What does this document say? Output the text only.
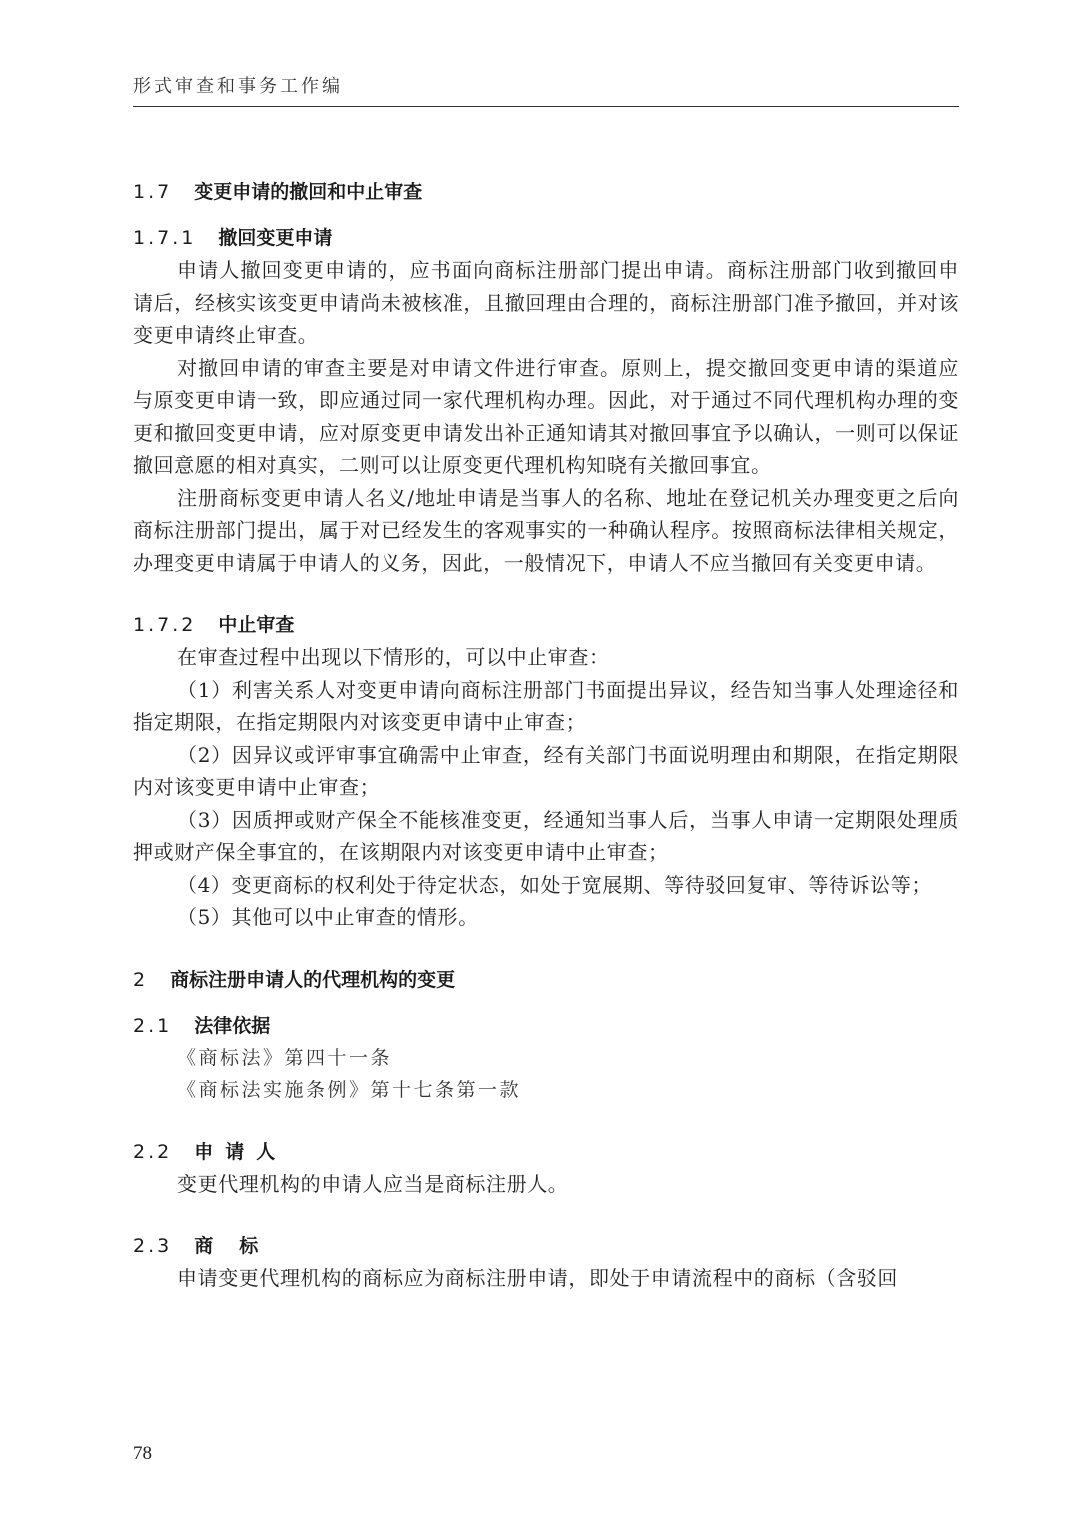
形式审查和事务工作编
1.7 变更申请的撤回和中止审查
1.7.1 撤回变更申请

申请人撤回变更申请的，应书面向商标注册部门提出申请。商标注册部门收到撤回申请后，经核实该变更申请尚未被核准，且撤回理由合理的，商标注册部门准予撤回，并对该变更申请终止审查。

对撤回申请的审查主要是对申请文件进行审查。原则上，提交撤回变更申请的渠道应与原变更申请一致，即应通过同一家代理机构办理。因此，对于通过不同代理机构办理的变更和撤回变更申请，应对原变更申请发出补正通知请其对撤回事宜予以确认，一则可以保证撤回意愿的相对真实，二则可以让原变更代理机构知晓有关撤回事宜。

注册商标变更申请人名义/地址申请是当事人的名称、地址在登记机关办理变更之后向商标注册部门提出，属于对已经发生的客观事实的一种确认程序。按照商标法律相关规定，办理变更申请属于申请人的义务，因此，一般情况下，申请人不应当撤回有关变更申请。

1.7.2 中止审查

在审查过程中出现以下情形的，可以中止审查：

（1）利害关系人对变更申请向商标注册部门书面提出异议，经告知当事人处理途径和指定期限，在指定期限内对该变更申请中止审查；

（2）因异议或评审事宜确需中止审查，经有关部门书面说明理由和期限，在指定期限内对该变更申请中止审查；

（3）因质押或财产保全不能核准变更，经通知当事人后，当事人申请一定期限处理质押或财产保全事宜的，在该期限内对该变更申请中止审查；

（4）变更商标的权利处于待定状态，如处于宽展期、等待驳回复审、等待诉讼等；

（5）其他可以中止审查的情形。

2 商标注册申请人的代理机构的变更
2.1 法律依据

《商标法》第四十一条

《商标法实施条例》第十七条第一款

2.2 申请人

变更代理机构的申请人应当是商标注册人。

2.3 商标

申请变更代理机构的商标应为商标注册申请，即处于申请流程中的商标（含驳回

78
